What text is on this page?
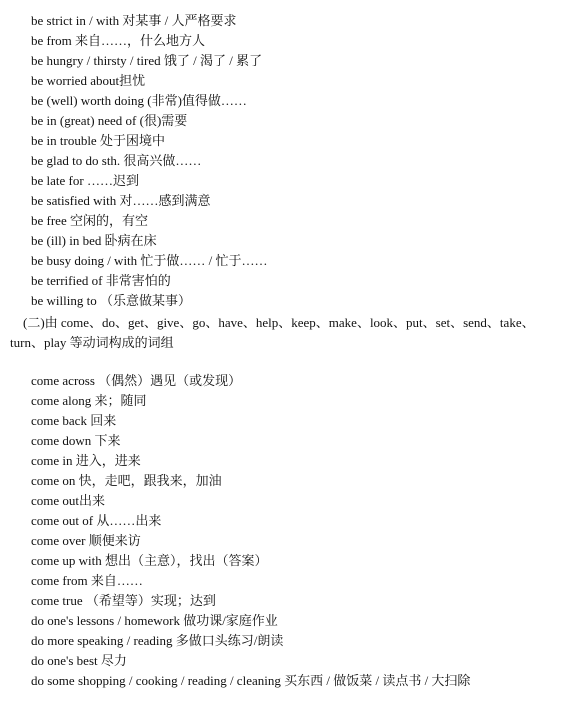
be strict in / with 对某事 / 人严格要求
be from 来自……，什么地方人
be hungry / thirsty / tired 饿了 / 渴了 / 累了
be worried about担忧
be (well) worth doing (非常)值得做……
be in (great) need of (很)需要
be in trouble 处于困境中
be glad to do sth. 很高兴做……
be late for ……迟到
be satisfied with 对……感到满意
be free 空闲的，有空
be (ill) in bed 卧病在床
be busy doing / with 忙于做…… / 忙于……
be terrified of 非常害怕的
be willing to （乐意做某事）
(二)由 come、do、get、give、go、have、help、keep、make、look、put、set、send、take、
turn、play 等动词构成的词组
come across （偶然）遇见（或发现）
come along 来；随同
come back 回来
come down 下来
come in 进入，进来
come on 快，走吧，跟我来，加油
come out出来
come out of 从……出来
come over 顺便来访
come up with 想出（主意），找出（答案）
come from 来自……
come true （希望等）实现；达到
do one's lessons / homework 做功课/家庭作业
do more speaking / reading 多做口头练习/朗读
do one's best 尽力
do some shopping / cooking / reading / cleaning 买东西 / 做饭菜 / 读点书 / 大扫除
